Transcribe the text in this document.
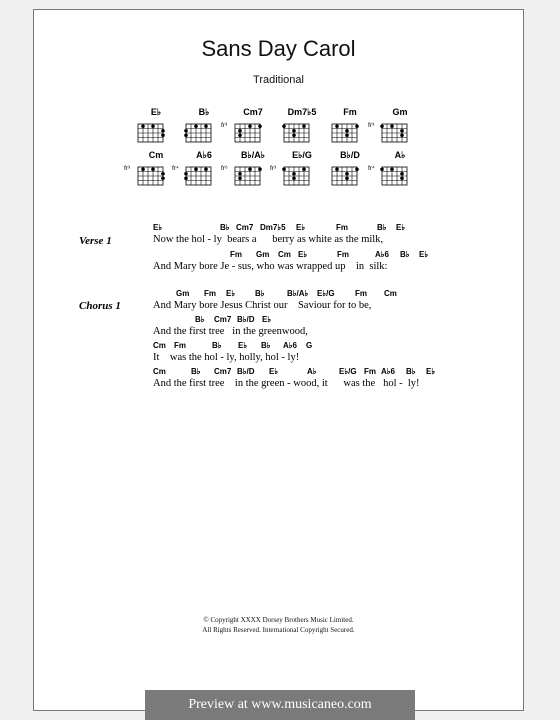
Sans Day Carol
Traditional
E♭	B♭	Cm7
fr³
Dm7♭5	Fm	Gm
fr³
Cm
fr³
A♭6
fr⁴
B♭/A♭
fr⁶
E♭/G
fr³
B♭/D	A♭
fr⁴
Verse 1
E♭	B♭ Cm7 Dm7♭5 E♭	Fm	B♭ E♭
Now the hol - ly  bears a      berry as white as the milk,
Fm Gm Cm E♭	Fm	A♭6 B♭ E♭
And Mary bore Je - sus, who was wrapped up    in  silk:
Chorus 1
Gm Fm E♭ B♭	B♭/A♭ E♭/G	Fm Cm
And Mary bore Jesus Christ our    Saviour for to be,
B♭ Cm7 B♭/D E♭
And the first tree   in the greenwood,
Cm Fm	B♭ E♭ B♭ A♭6 G
It    was the hol - ly, holly, hol - ly!
Cm	B♭ Cm7 B♭/D E♭	A♭	E♭/G Fm A♭6 B♭ E♭
And the first tree    in the green - wood, it      was the   hol -  ly!
© Copyright XXXX Dorsey Brothers Music Limited.
All Rights Reserved. International Copyright Secured.
Preview at www.musicaneo.com
